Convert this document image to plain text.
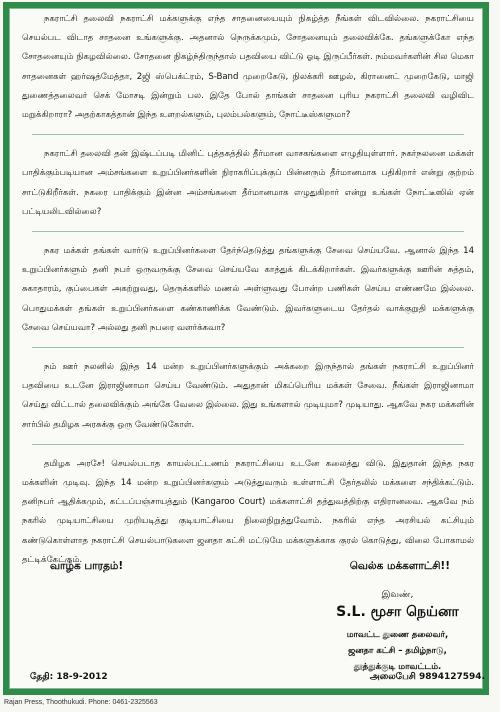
நகராட்சி தலைவி நகராட்சி மக்களுக்கு எந்த சாதனையையும் நிகழ்த்த நீங்கள் விடவில்லை. நகராட்சியை செயல்பட விடாத சாதனை உங்களுக்கு. அதனால் நெருக்கமும், சோதனையும் தலைவிக்கே. தங்களுக்கோ எந்த சோதனையும் நிகழவில்லை. சோதனை நிகழ்ந்திருந்தால் பதவியை விட்டு ஓடி இருப்பீர்கள். நம்மவர்களின் சில மெகா சாதனைகள் ஹர்ஷத்மேத்தா, 2ஜி ஸ்பெக்ட்ரம், S-Band முறைகேடு, நிலக்கரி ஊழல், கிரானைட் முறைகேடு, மாஜி துணைத்தலைவர் செக் மோசடி இன்றும் பல. இதே போல் தாங்கள் சாதனை புரிய நகராட்சி தலைவி வழிவிட மறுக்கிறாரா? அதற்காகத்தான் இந்த உளறல்களும், புலம்பல்களும், நோட்டீஸ்களுமா?

நகராட்சி தலைவி தன் இஷ்டப்படி மினிட் புத்தகத்தில் தீர்மான வாசகங்களை எழுதியுள்ளார். நகர்நலனை மக்கள் பாதிக்கும்படியான அம்சங்களை உறுப்பினர்களின் நிராகரிப்புக்குப் பின்னரும் தீர்மானமாக பதிகிறார் என்று குற்றம் சாட்டுகிறீர்கள். நகரை பாதிக்கும் இன்ன அம்சங்களை தீர்மானமாக எழுதுகிறார் என்று உங்கள் நோட்டீஸில் ஏன் பட்டியலிடவில்லை?

நகர மக்கள் தங்கள் வார்டு உறுப்பினர்களை தேர்ந்தெடுத்து தங்களுக்கு சேவை செய்யவே. ஆனால் இந்த 14 உறுப்பினர்களும் தனி நபர் ஒருவருக்கு சேவை செய்யவே காத்துக் கிடக்கிறார்கள். இவர்களுக்கு ஊரின் சுத்தம், சுகாதாரம், குப்பைகள் அகற்றுவது, தெருக்களில் மணல் அள்ளுவது போன்ற பணிகள் செய்ய எண்ணமே இல்லை. பொதுமக்கள் தங்கள் உறுப்பினர்களை கண்காணிக்க வேண்டும். இவர்களுடைய தேர்தல் வாக்குறுதி மக்களுக்கு சேவை செய்யவா? அல்லது தனி நபரை வளர்க்கவா?

நம் ஊர் நலனில் இந்த 14 மன்ற உறுப்பினர்களுக்கும் அக்கறை இருந்தால் தங்கள் நகராட்சி உறுப்பினர் பதவியை உடனே இராஜினாமா செய்ய வேண்டும். அதுதான் மிகப்பெரிய மக்கள் சேவை. நீங்கள் இராஜினாமா செய்து விட்டால் தலைவிக்கும் அங்கே வேலை இல்லை. இது உங்களால் முடியுமா? முடியாது. ஆகவே நகர மக்களின் சார்பில் தமிழக அரசுக்கு ஒரு வேண்டுகோள்.

தமிழக அரசே! செயல்படாத காயல்பட்டணம் நகராட்சியை உடனே கலைத்து விடு. இதுதான் இந்த நகர மக்களின் முடிவு. இந்த 14 மன்ற உறுப்பினர்களும் அடுத்துவரும் உள்ளாட்சி தேர்தலில் மக்களை சந்திக்கட்டும். தனிநபர் ஆதிக்கமும், கட்டப்பஞ்சாயத்தும் (Kangaroo Court) மக்களாட்சி தத்துவத்திற்கு எதிரானவை. ஆகவே நம் நகரில் முடியாட்சியை முறியடித்து குடியாட்சியை நிலைநிறுத்துவோம். நகரில் எந்த அரசியல் கட்சியும் கண்டுகொள்ளாத நகராட்சி செயல்பாடுகளை ஜனதா கட்சி மட்டுமே மக்களுக்காக குரல் கொடுத்து, விலை போகாமல் தட்டிக்கேட்கும்.

வாழ்க பாரதம்!	வெல்க மக்களாட்சி!!
இவண்,
S.L. மூசா நெய்னா
மாவட்ட துணை தலைவர்,
ஜனதா கட்சி – தமிழ்நாடு,
தூத்துக்குடி மாவட்டம்.
தேதி: 18-9-2012	அலைபேசி 9894127594.
Rajan Press, Thoothukudi. Phone: 0461-2325563
